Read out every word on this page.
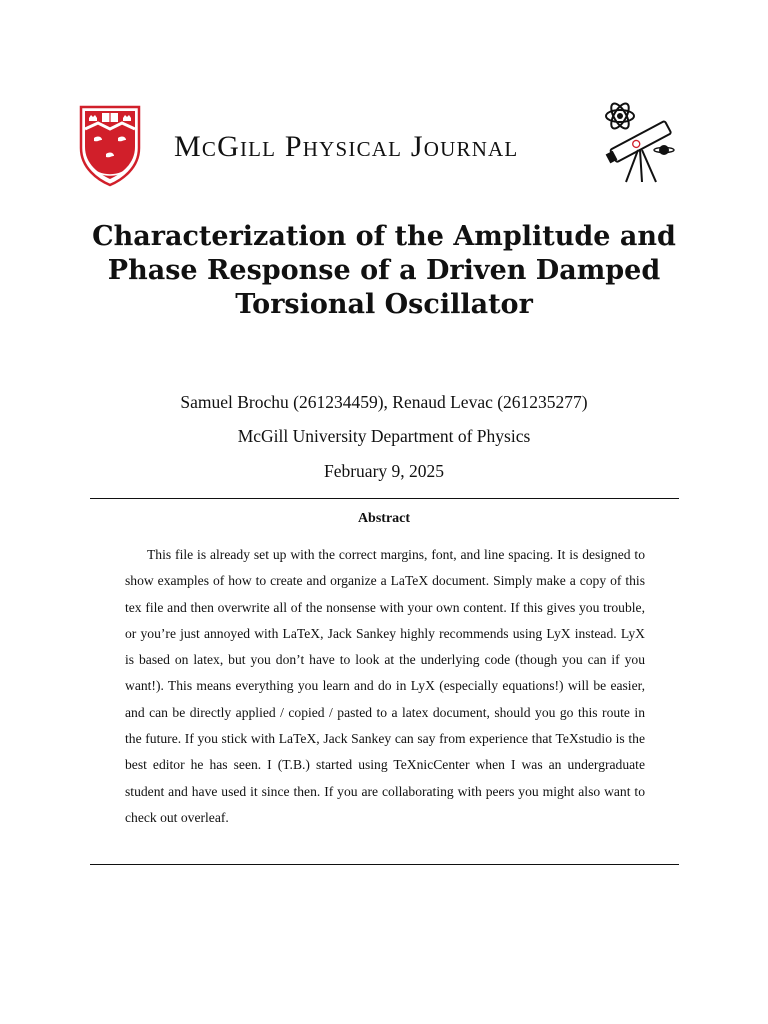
McGill Physical Journal
Characterization of the Amplitude and Phase Response of a Driven Damped Torsional Oscillator
Samuel Brochu (261234459), Renaud Levac (261235277)
McGill University Department of Physics
February 9, 2025
Abstract

This file is already set up with the correct margins, font, and line spacing. It is designed to show examples of how to create and organize a LaTeX document. Simply make a copy of this tex file and then overwrite all of the nonsense with your own content. If this gives you trouble, or you’re just annoyed with LaTeX, Jack Sankey highly recommends using LyX instead. LyX is based on latex, but you don’t have to look at the underlying code (though you can if you want!). This means everything you learn and do in LyX (especially equations!) will be easier, and can be directly applied / copied / pasted to a latex document, should you go this route in the future. If you stick with LaTeX, Jack Sankey can say from experience that TeXstudio is the best editor he has seen. I (T.B.) started using TeXnicCenter when I was an undergraduate student and have used it since then. If you are collaborating with peers you might also want to check out overleaf.
